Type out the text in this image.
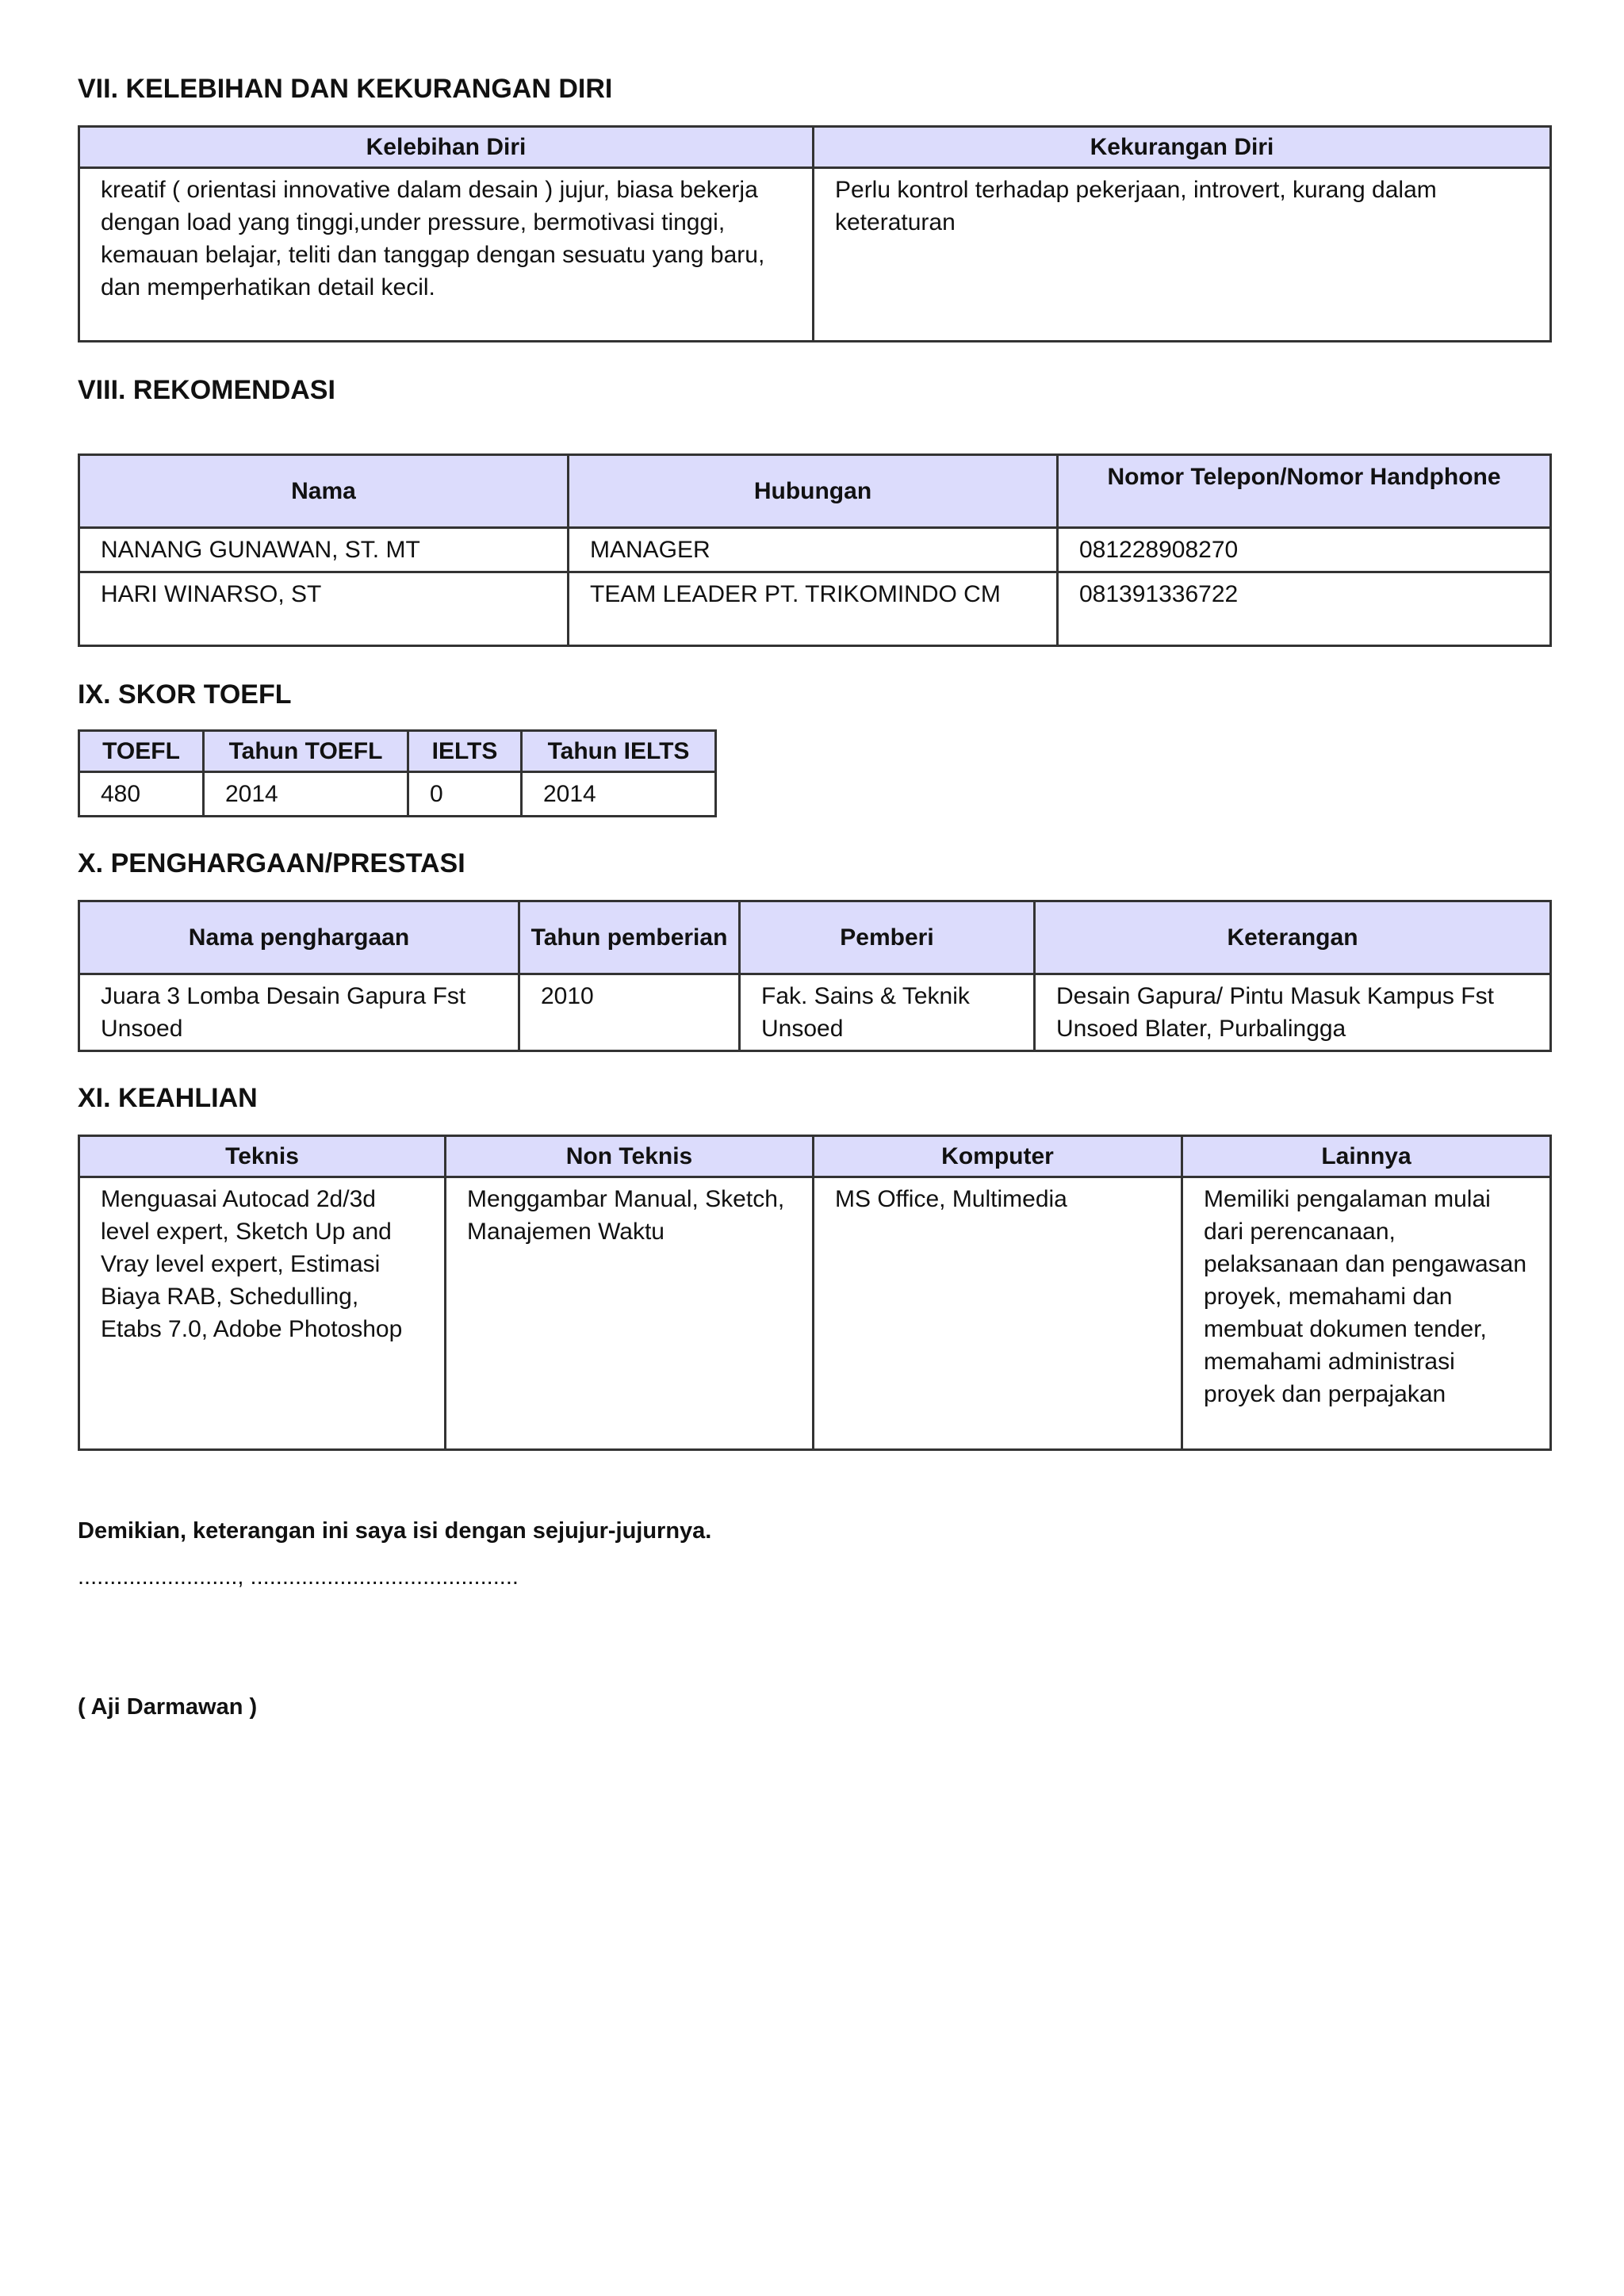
VII. KELEBIHAN DAN KEKURANGAN DIRI
Kelebihan Diri	Kekurangan Diri
kreatif ( orientasi innovative dalam desain ) jujur, biasa bekerja dengan load yang tinggi,under pressure, bermotivasi tinggi, kemauan belajar, teliti dan tanggap dengan sesuatu yang baru, dan memperhatikan detail kecil.	Perlu kontrol terhadap pekerjaan, introvert, kurang dalam keteraturan
VIII. REKOMENDASI
Nama	Hubungan	Nomor Telepon/Nomor Handphone
NANANG GUNAWAN, ST. MT	MANAGER	081228908270
HARI WINARSO, ST	TEAM LEADER PT. TRIKOMINDO CM	081391336722
IX. SKOR TOEFL
TOEFL	Tahun TOEFL	IELTS	Tahun IELTS
480	2014	0	2014
X. PENGHARGAAN/PRESTASI
Nama penghargaan	Tahun pemberian	Pemberi	Keterangan
Juara 3 Lomba Desain Gapura Fst Unsoed	2010	Fak. Sains & Teknik Unsoed	Desain Gapura/ Pintu Masuk Kampus Fst Unsoed Blater, Purbalingga
XI. KEAHLIAN
Teknis	Non Teknis	Komputer	Lainnya
Menguasai Autocad 2d/3d level expert, Sketch Up and Vray level expert, Estimasi Biaya RAB, Schedulling, Etabs 7.0, Adobe Photoshop	Menggambar Manual, Sketch, Manajemen Waktu	MS Office, Multimedia	Memiliki pengalaman mulai dari perencanaan, pelaksanaan dan pengawasan proyek, memahami dan membuat dokumen tender, memahami administrasi proyek dan perpajakan

Demikian, keterangan ini saya isi dengan sejujur-jujurnya.

........................., ..........................................

( Aji Darmawan )
